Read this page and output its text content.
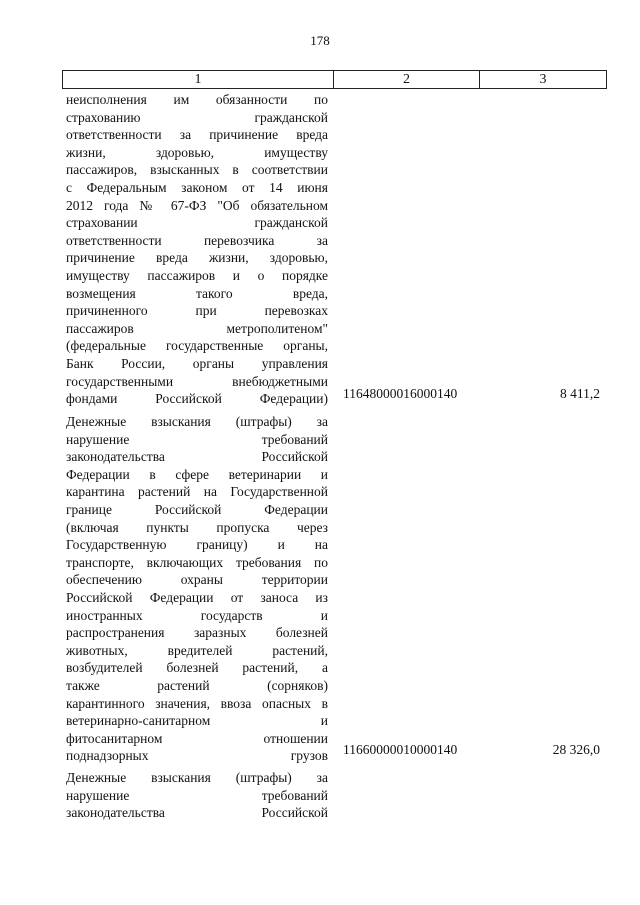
178
1	2	3
неисполнения им обязанности по
страхованию гражданской
ответственности за причинение вреда
жизни, здоровью, имуществу
пассажиров, взысканных в соответствии
с Федеральным законом от 14 июня
2012 года № 67-ФЗ "Об обязательном
страховании гражданской
ответственности перевозчика за
причинение вреда жизни, здоровью,
имуществу пассажиров и о порядке
возмещения такого вреда,
причиненного при перевозках
пассажиров метрополитеном"
(федеральные государственные органы,
Банк России, органы управления
государственными внебюджетными
фондами Российской Федерации) 11648000016000140	8 411,2
Денежные взыскания (штрафы) за
нарушение требований
законодательства Российской
Федерации в сфере ветеринарии и
карантина растений на Государственной
границе Российской Федерации
(включая пункты пропуска через
Государственную границу) и на
транспорте, включающих требования по
обеспечению охраны территории
Российской Федерации от заноса из
иностранных государств и
распространения заразных болезней
животных, вредителей растений,
возбудителей болезней растений, а
также растений (сорняков)
карантинного значения, ввоза опасных в
ветеринарно-санитарном и
фитосанитарном отношении
поднадзорных грузов 11660000010000140	28 326,0
Денежные взыскания (штрафы) за
нарушение требований
законодательства Российской
